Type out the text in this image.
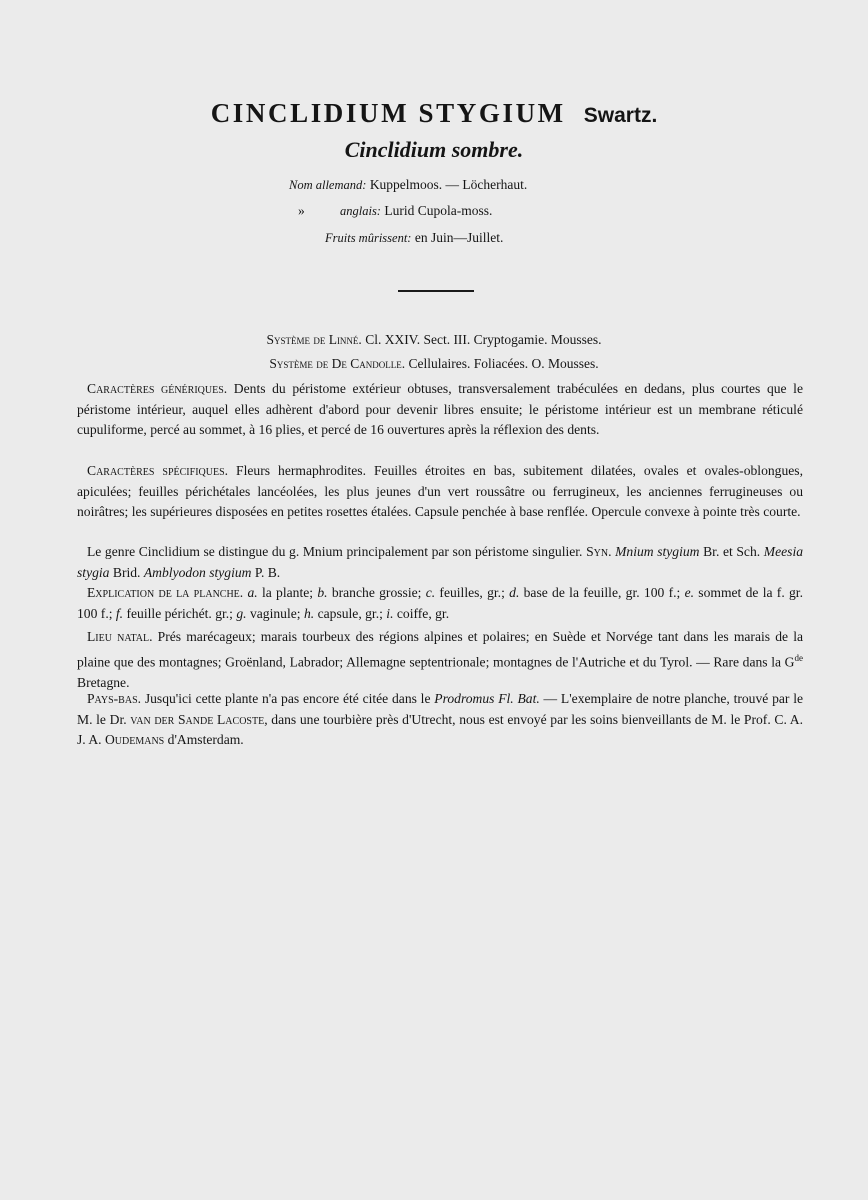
CINCLIDIUM STYGIUM Swartz.
Cinclidium sombre.
Nom allemand: Kuppelmoos. — Löcherhaut.
»	anglais: Lurid Cupola-moss.
Fruits mûrissent: en Juin—Juillet.
Système de Linné. Cl. XXIV. Sect. III. Cryptogamie. Mousses.
Système de De Candolle. Cellulaires. Foliacées. O. Mousses.
Caractères génériques. Dents du péristome extérieur obtuses, transversalement trabéculées en dedans, plus courtes que le péristome intérieur, auquel elles adhèrent d'abord pour devenir libres ensuite; le péristome intérieur est un membrane réticulé cupuliforme, percé au sommet, à 16 plies, et percé de 16 ouvertures après la réflexion des dents.
Caractères spécifiques. Fleurs hermaphrodites. Feuilles étroites en bas, subitement dilatées, ovales et ovales-oblongues, apiculées; feuilles périchétales lancéolées, les plus jeunes d'un vert roussâtre ou ferrugineux, les anciennes ferrugineuses ou noirâtres; les supérieures disposées en petites rosettes étalées. Capsule penchée à base renflée. Opercule convexe à pointe très courte.
Le genre Cinclidium se distingue du g. Mnium principalement par son péristome singulier. Syn. Mnium stygium Br. et Sch. Meesia stygia Brid. Amblyodon stygium P. B.
Explication de la planche. a. la plante; b. branche grossie; c. feuilles, gr.; d. base de la feuille, gr. 100 f.; e. sommet de la f. gr. 100 f.; f. feuille périchét. gr.; g. vaginule; h. capsule, gr.; i. coiffe, gr.
Lieu natal. Prés marécageux; marais tourbeux des régions alpines et polaires; en Suède et Norvége tant dans les marais de la plaine que des montagnes; Groënland, Labrador; Allemagne septentrionale; montagnes de l'Autriche et du Tyrol. — Rare dans la $G^{de}$ Bretagne.
Pays-bas. Jusqu'ici cette plante n'a pas encore été citée dans le Prodromus Fl. Bat. — L'exemplaire de notre planche, trouvé par le M. le Dr. van der Sande Lacoste, dans une tourbière près d'Utrecht, nous est envoyé par les soins bienveillants de M. le Prof. C. A. J. A. Oudemans d'Amsterdam.
